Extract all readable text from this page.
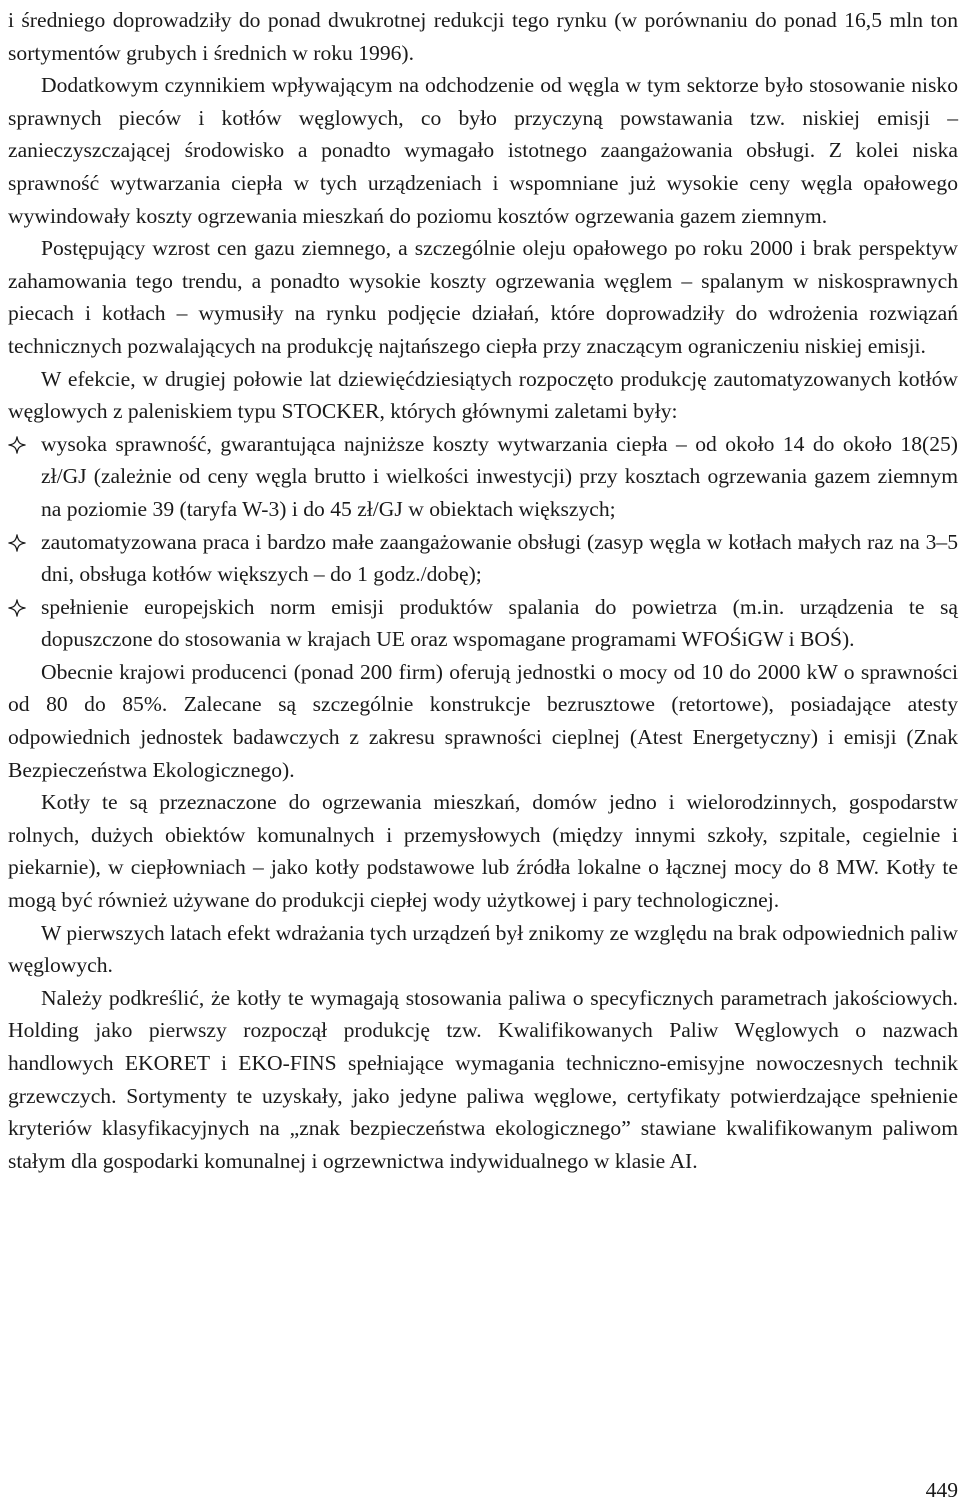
i średniego doprowadziły do ponad dwukrotnej redukcji tego rynku (w porównaniu do ponad 16,5 mln ton sortymentów grubych i średnich w roku 1996).

Dodatkowym czynnikiem wpływającym na odchodzenie od węgla w tym sektorze było stosowanie nisko sprawnych pieców i kotłów węglowych, co było przyczyną powstawania tzw. niskiej emisji – zanieczyszczającej środowisko a ponadto wymagało istotnego zaangażowania obsługi. Z kolei niska sprawność wytwarzania ciepła w tych urządzeniach i wspomniane już wysokie ceny węgla opałowego wywindowały koszty ogrzewania mieszkań do poziomu kosztów ogrzewania gazem ziemnym.

Postępujący wzrost cen gazu ziemnego, a szczególnie oleju opałowego po roku 2000 i brak perspektyw zahamowania tego trendu, a ponadto wysokie koszty ogrzewania węglem – spalanym w niskosprawnych piecach i kotłach – wymusiły na rynku podjęcie działań, które doprowadziły do wdrożenia rozwiązań technicznych pozwalających na produkcję najtańszego ciepła przy znaczącym ograniczeniu niskiej emisji.

W efekcie, w drugiej połowie lat dziewięćdziesiątych rozpoczęto produkcję zautomatyzowanych kotłów węglowych z paleniskiem typu STOCKER, których głównymi zaletami były:

wysoka sprawność, gwarantująca najniższe koszty wytwarzania ciepła – od około 14 do około 18(25) zł/GJ (zależnie od ceny węgla brutto i wielkości inwestycji) przy kosztach ogrzewania gazem ziemnym na poziomie 39 (taryfa W-3) i do 45 zł/GJ w obiektach większych;
zautomatyzowana praca i bardzo małe zaangażowanie obsługi (zasyp węgla w kotłach małych raz na 3–5 dni, obsługa kotłów większych – do 1 godz./dobę);
spełnienie europejskich norm emisji produktów spalania do powietrza (m.in. urządzenia te są dopuszczone do stosowania w krajach UE oraz wspomagane programami WFOŚiGW i BOŚ).

Obecnie krajowi producenci (ponad 200 firm) oferują jednostki o mocy od 10 do 2000 kW o sprawności od 80 do 85%. Zalecane są szczególnie konstrukcje bezrusztowe (retortowe), posiadające atesty odpowiednich jednostek badawczych z zakresu sprawności cieplnej (Atest Energetyczny) i emisji (Znak Bezpieczeństwa Ekologicznego).

Kotły te są przeznaczone do ogrzewania mieszkań, domów jedno i wielorodzinnych, gospodarstw rolnych, dużych obiektów komunalnych i przemysłowych (między innymi szkoły, szpitale, cegielnie i piekarnie), w ciepłowniach – jako kotły podstawowe lub źródła lokalne o łącznej mocy do 8 MW. Kotły te mogą być również używane do produkcji ciepłej wody użytkowej i pary technologicznej.

W pierwszych latach efekt wdrażania tych urządzeń był znikomy ze względu na brak odpowiednich paliw węglowych.

Należy podkreślić, że kotły te wymagają stosowania paliwa o specyficznych parametrach jakościowych. Holding jako pierwszy rozpoczął produkcję tzw. Kwalifikowanych Paliw Węglowych o nazwach handlowych EKORET i EKO-FINS spełniające wymagania techniczno-emisyjne nowoczesnych technik grzewczych. Sortymenty te uzyskały, jako jedyne paliwa węglowe, certyfikaty potwierdzające spełnienie kryteriów klasyfikacyjnych na „znak bezpieczeństwa ekologicznego” stawiane kwalifikowanym paliwom stałym dla gospodarki komunalnej i ogrzewnictwa indywidualnego w klasie AI.

449
